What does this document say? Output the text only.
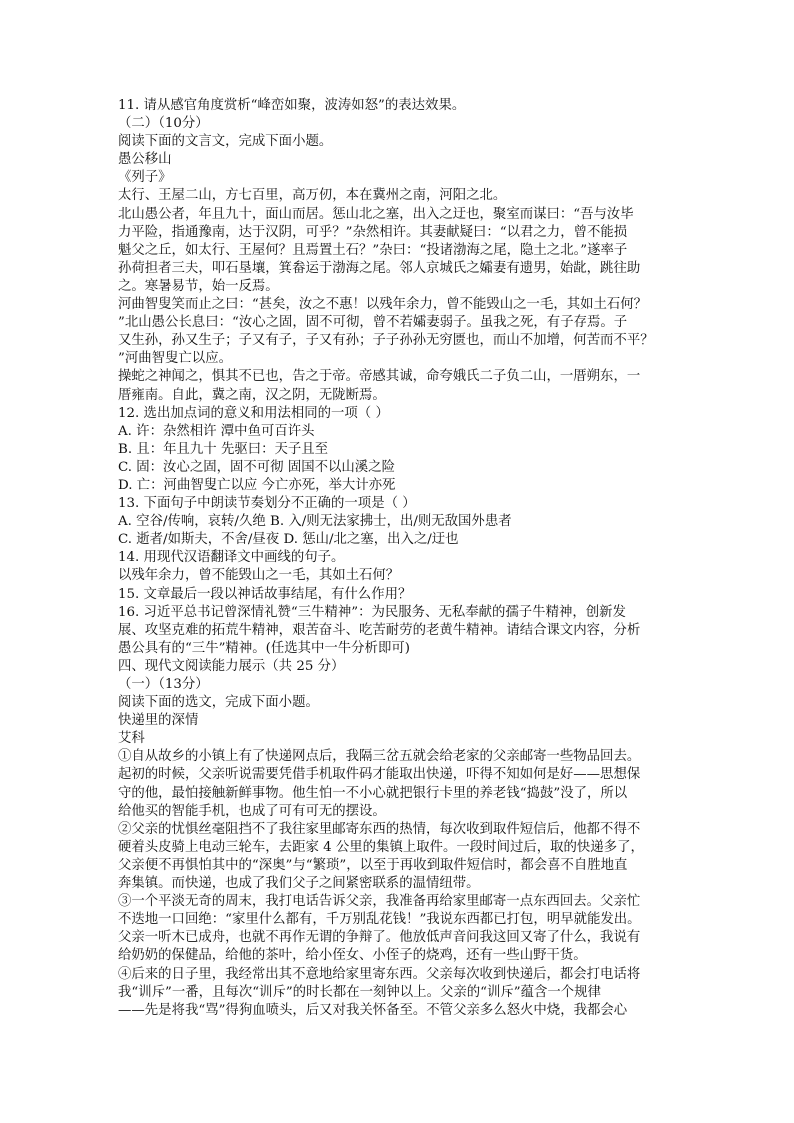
11. 请从感官角度赏析“峰峦如聚，波涛如怒”的表达效果。
（二）（10分）
阅读下面的文言文，完成下面小题。
愚公移山
《列子》
太行、王屋二山，方七百里，高万仞，本在冀州之南，河阳之北。
北山愚公者，年且九十，面山而居。惩山北之塞，出入之迂也，聚室而谋曰：“吾与汝毕
力平险，指通豫南，达于汉阴，可乎？”杂然相许。其妻献疑曰：“以君之力，曾不能损
魁父之丘，如太行、王屋何？且焉置土石？”杂曰：“投诸渤海之尾，隐土之北。”遂率子
孙荷担者三夫，叩石垦壤，箕畚运于渤海之尾。邻人京城氏之孀妻有遗男，始龀，跳往助
之。寒暑易节，始一反焉。
河曲智叟笑而止之曰：“甚矣，汝之不惠！以残年余力，曾不能毁山之一毛，其如土石何？
”北山愚公长息曰：“汝心之固，固不可彻，曾不若孀妻弱子。虽我之死，有子存焉。子
又生孙，孙又生子；子又有子，子又有孙；子子孙孙无穷匮也，而山不加增，何苦而不平？
”河曲智叟亡以应。
操蛇之神闻之，惧其不已也，告之于帝。帝感其诚，命夸娥氏二子负二山，一厝朔东，一
厝雍南。自此，冀之南，汉之阴，无陇断焉。
12. 选出加点词的意义和用法相同的一项（ ）
A. 许：杂然相许 潭中鱼可百许头
B. 且：年且九十 先驱曰：天子且至
C. 固：汝心之固，固不可彻 固国不以山溪之险
D. 亡：河曲智叟亡以应 今亡亦死，举大计亦死
13. 下面句子中朗读节奏划分不正确的一项是（ ）
A. 空谷/传响，哀转/久绝 B. 入/则无法家拂士，出/则无敌国外患者
C. 逝者/如斯夫，不舍/昼夜 D. 惩山/北之塞，出入之/迂也
14. 用现代汉语翻译文中画线的句子。
以残年余力，曾不能毁山之一毛，其如土石何？
15. 文章最后一段以神话故事结尾，有什么作用？
16. 习近平总书记曾深情礼赞“三牛精神”：为民服务、无私奉献的孺子牛精神，创新发
展、攻坚克难的拓荒牛精神，艰苦奋斗、吃苦耐劳的老黄牛精神。请结合课文内容，分析
愚公具有的“三牛”精神。(任选其中一牛分析即可)
四、现代文阅读能力展示（共 25 分）
（一）（13分）
阅读下面的选文，完成下面小题。
快递里的深情
艾科
①自从故乡的小镇上有了快递网点后，我隔三岔五就会给老家的父亲邮寄一些物品回去。
起初的时候，父亲听说需要凭借手机取件码才能取出快递，吓得不知如何是好——思想保
守的他，最怕接触新鲜事物。他生怕一不小心就把银行卡里的养老钱“捣鼓”没了，所以
给他买的智能手机，也成了可有可无的摆设。
②父亲的忧惧丝毫阻挡不了我往家里邮寄东西的热情，每次收到取件短信后，他都不得不
硬着头皮骑上电动三轮车，去距家 4 公里的集镇上取件。一段时间过后，取的快递多了，
父亲便不再惧怕其中的“深奥”与“繁琐”，以至于再收到取件短信时，都会喜不自胜地直
奔集镇。而快递，也成了我们父子之间紧密联系的温情纽带。
③一个平淡无奇的周末，我打电话告诉父亲，我准备再给家里邮寄一点东西回去。父亲忙
不迭地一口回绝：“家里什么都有，千万别乱花钱！”我说东西都已打包，明早就能发出。
父亲一听木已成舟，也就不再作无谓的争辩了。他放低声音问我这回又寄了什么，我说有
给奶奶的保健品，给他的茶叶，给小侄女、小侄子的烧鸡，还有一些山野干货。
④后来的日子里，我经常出其不意地给家里寄东西。父亲每次收到快递后，都会打电话将
我“训斥”一番，且每次“训斥”的时长都在一刻钟以上。父亲的“训斥”蕴含一个规律
——先是将我“骂”得狗血喷头，后又对我关怀备至。不管父亲多么怒火中烧，我都会心
